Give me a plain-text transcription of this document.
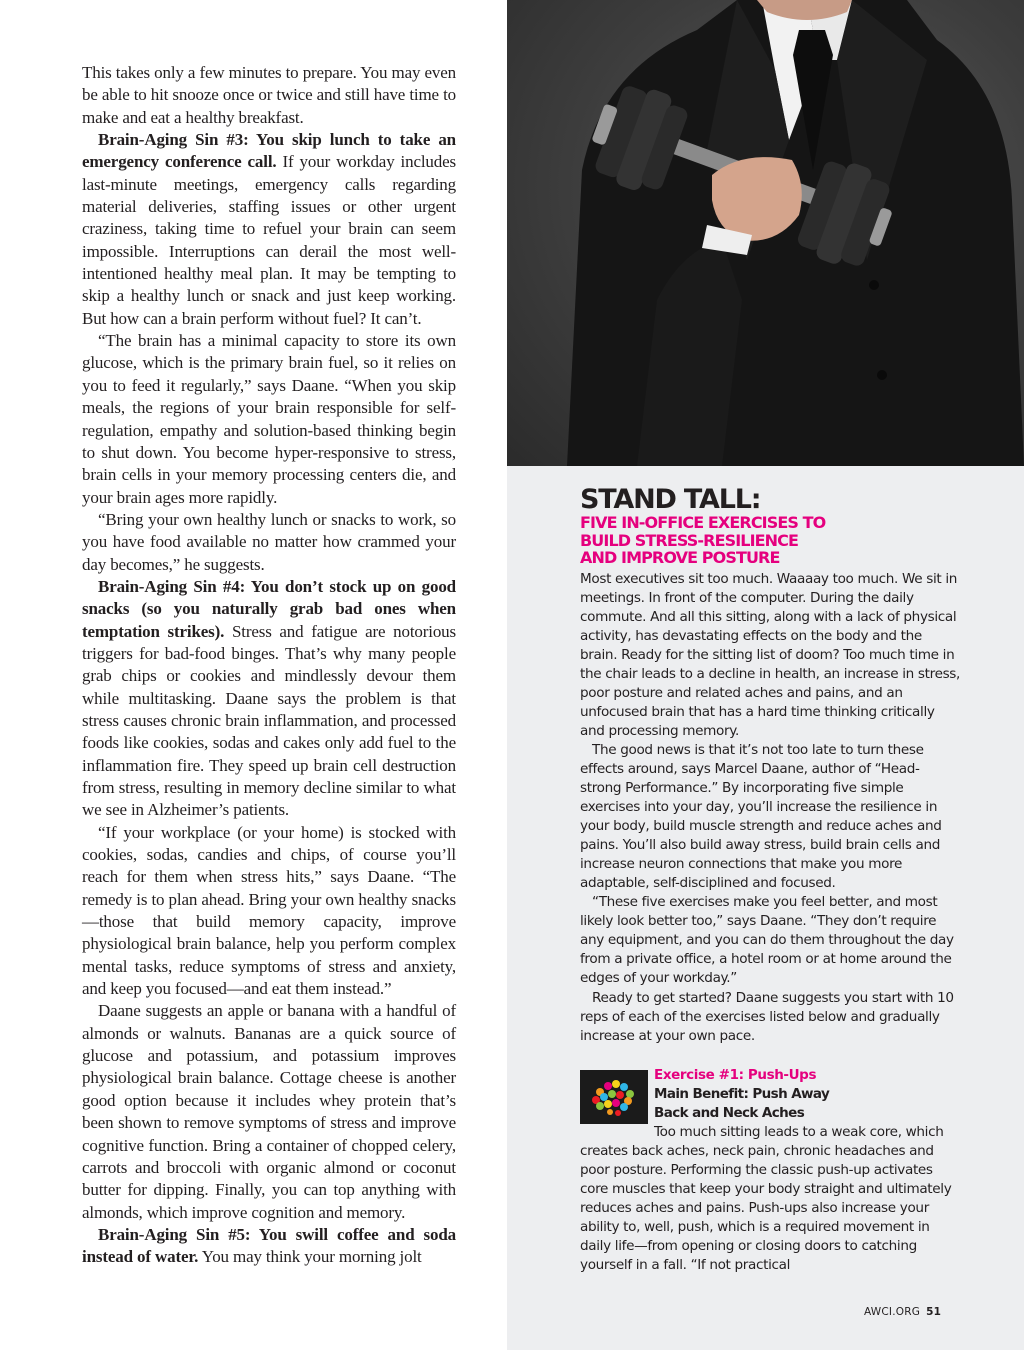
This takes only a few minutes to prepare. You may even be able to hit snooze once or twice and still have time to make and eat a healthy breakfast.

Brain-Aging Sin #3: You skip lunch to take an emergency conference call. If your workday includes last-minute meetings, emergency calls regarding material deliveries, staffing issues or other urgent craziness, taking time to refuel your brain can seem impossible. Interruptions can derail the most well-intentioned healthy meal plan. It may be tempting to skip a healthy lunch or snack and just keep working. But how can a brain perform without fuel? It can’t.

“The brain has a minimal capacity to store its own glucose, which is the primary brain fuel, so it relies on you to feed it regularly,” says Daane. “When you skip meals, the regions of your brain responsible for self-regulation, empathy and solution-based thinking begin to shut down. You become hyper-responsive to stress, brain cells in your memory processing centers die, and your brain ages more rapidly.

“Bring your own healthy lunch or snacks to work, so you have food available no matter how crammed your day becomes,” he suggests.

Brain-Aging Sin #4: You don’t stock up on good snacks (so you naturally grab bad ones when temptation strikes). Stress and fatigue are notorious triggers for bad-food binges. That’s why many people grab chips or cookies and mindlessly devour them while multitasking. Daane says the problem is that stress causes chronic brain inflammation, and processed foods like cookies, sodas and cakes only add fuel to the inflammation fire. They speed up brain cell destruction from stress, resulting in memory decline similar to what we see in Alzheimer’s patients.

“If your workplace (or your home) is stocked with cookies, sodas, candies and chips, of course you’ll reach for them when stress hits,” says Daane. “The remedy is to plan ahead. Bring your own healthy snacks—those that build memory capacity, improve physiological brain balance, help you perform complex mental tasks, reduce symptoms of stress and anxiety, and keep you focused—and eat them instead.”

Daane suggests an apple or banana with a handful of almonds or walnuts. Bananas are a quick source of glucose and potassium, and potassium improves physiological brain balance. Cottage cheese is another good option because it includes whey protein that’s been shown to remove symptoms of stress and improve cognitive function. Bring a container of chopped celery, carrots and broccoli with organic almond or coconut butter for dipping. Finally, you can top anything with almonds, which improve cognition and memory.

Brain-Aging Sin #5: You swill coffee and soda instead of water. You may think your morning jolt

STAND TALL:
FIVE IN-OFFICE EXERCISES TO
BUILD STRESS-RESILIENCE
AND IMPROVE POSTURE

Most executives sit too much. Waaaay too much. We sit in meetings. In front of the computer. During the daily commute. And all this sitting, along with a lack of physical activity, has devastating effects on the body and the brain. Ready for the sitting list of doom? Too much time in the chair leads to a decline in health, an increase in stress, poor posture and related aches and pains, and an unfocused brain that has a hard time thinking critically and processing memory.

The good news is that it’s not too late to turn these effects around, says Marcel Daane, author of “Head-strong Performance.” By incorporating five simple exercises into your day, you’ll increase the resilience in your body, build muscle strength and reduce aches and pains. You’ll also build away stress, build brain cells and increase neuron connections that make you more adaptable, self-disciplined and focused.

“These five exercises make you feel better, and most likely look better too,” says Daane. “They don’t require any equipment, and you can do them throughout the day from a private office, a hotel room or at home around the edges of your workday.”

Ready to get started? Daane suggests you start with 10 reps of each of the exercises listed below and gradually increase at your own pace.

Exercise #1: Push-Ups
Main Benefit: Push Away
Back and Neck Aches

Too much sitting leads to a weak core, which
creates back aches, neck pain, chronic headaches and poor posture. Performing the classic push-up activates core muscles that keep your body straight and ultimately reduces aches and pains. Push-ups also increase your ability to, well, push, which is a required movement in daily life—from opening or closing doors to catching yourself in a fall. “If not practical

AWCI.ORG 51
